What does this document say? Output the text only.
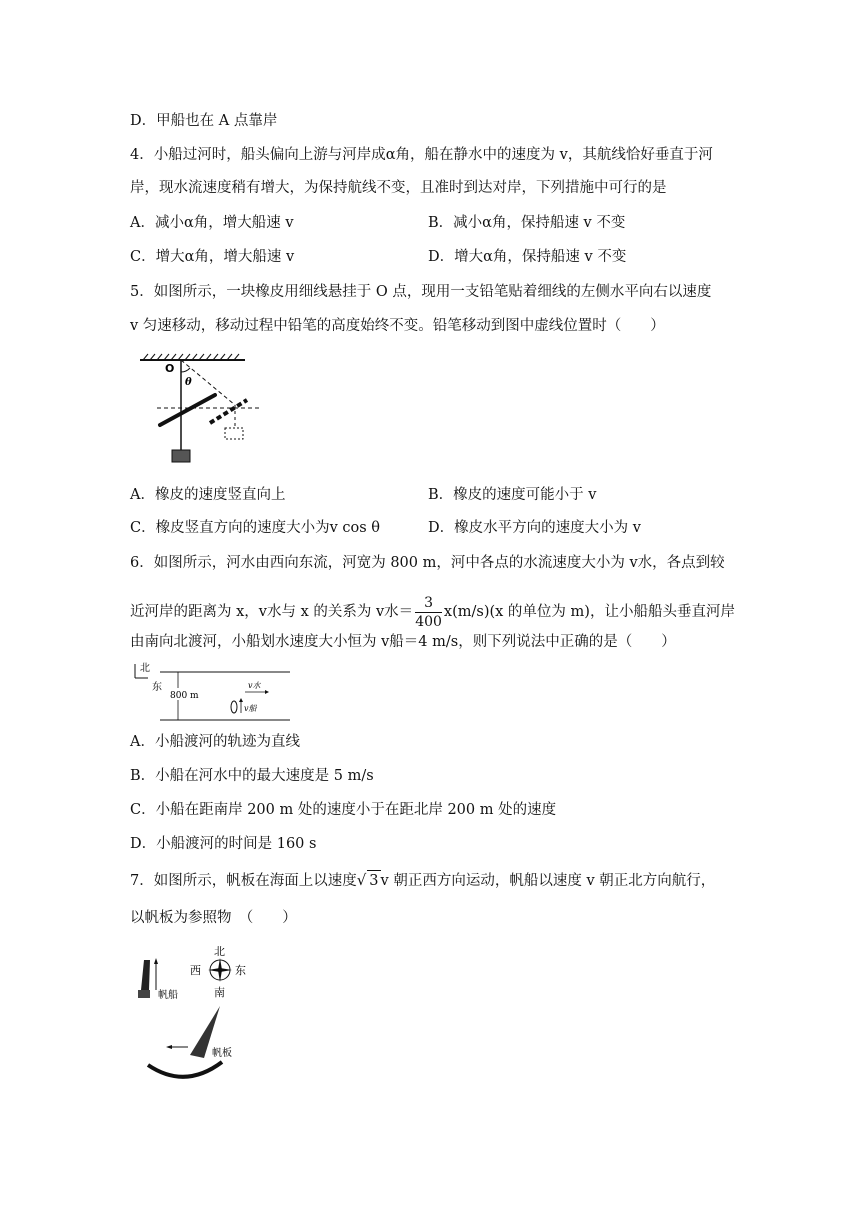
D．甲船也在 A 点靠岸
4．小船过河时，船头偏向上游与河岸成α角，船在静水中的速度为 v，其航线恰好垂直于河
岸，现水流速度稍有增大，为保持航线不变，且准时到达对岸，下列措施中可行的是
A．减小α角，增大船速 v	B．减小α角，保持船速 v 不变
C．增大α角，增大船速 v	D．增大α角，保持船速 v 不变
5．如图所示，一块橡皮用细线悬挂于 O 点，现用一支铅笔贴着细线的左侧水平向右以速度
v 匀速移动，移动过程中铅笔的高度始终不变。铅笔移动到图中虚线位置时（　　）
O
θ
A．橡皮的速度竖直向上	B．橡皮的速度可能小于 v
C．橡皮竖直方向的速度大小为v cos θ	D．橡皮水平方向的速度大小为 v
6．如图所示，河水由西向东流，河宽为 800 m，河中各点的水流速度大小为 v水，各点到较
近河岸的距离为 x，v水与 x 的关系为 v水＝ $\frac{3}{400} x(m/s)(x$ 的单位为 m)，让小船船头垂直河岸
由南向北渡河，小船划水速度大小恒为 v船＝4 m/s，则下列说法中正确的是（　　）
北
东
800 m
v水
v船
A．小船渡河的轨迹为直线
B．小船在河水中的最大速度是 5 m/s
C．小船在距南岸 200 m 处的速度小于在距北岸 200 m 处的速度
D．小船渡河的时间是 160 s
7．如图所示，帆板在海面上以速度√ 3 v 朝正西方向运动，帆船以速度 v 朝正北方向航行，
以帆板为参照物　（　　）
北
南
西	东
帆船
帆板
